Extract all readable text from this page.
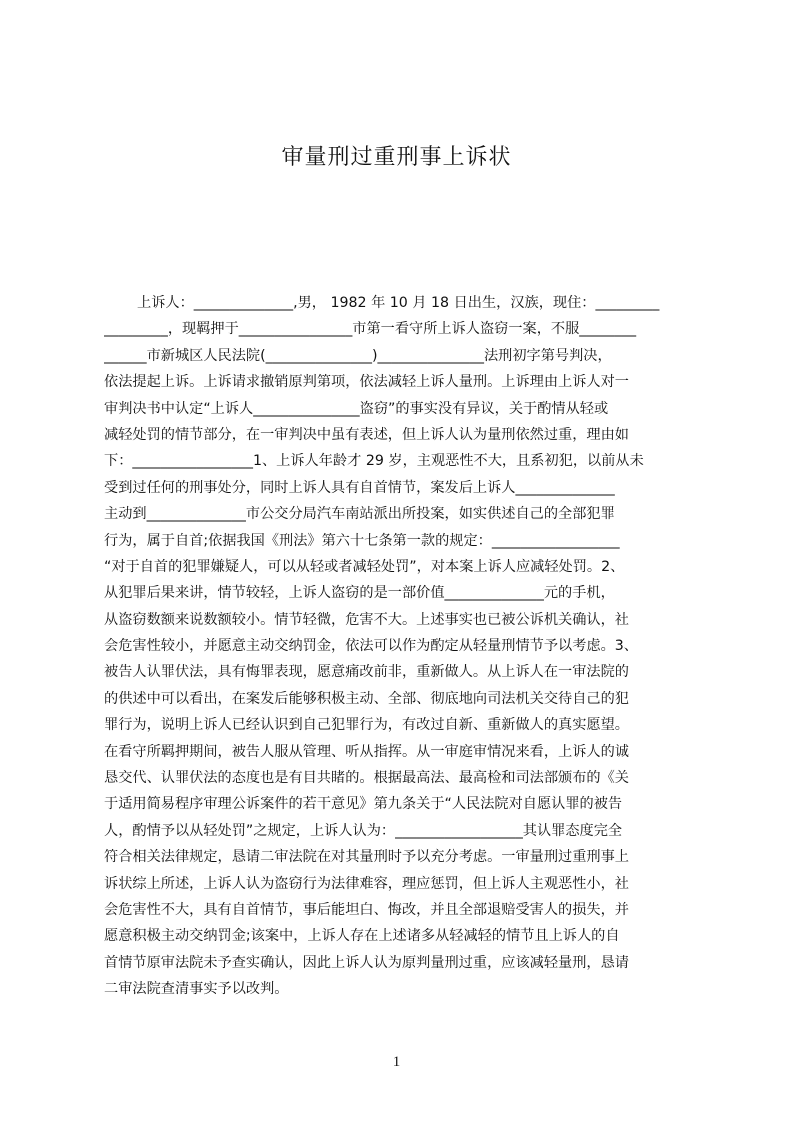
审量刑过重刑事上诉状
上诉人：______________,男， 1982 年 10 月 18 日出生，汉族，现住：_________
_________，现羁押于________________市第一看守所上诉人盗窃一案，不服________
______市新城区人民法院(_______________)_______________法刑初字第号判决，
依法提起上诉。上诉请求撤销原判第项，依法减轻上诉人量刑。上诉理由上诉人对一
审判决书中认定“上诉人_______________盗窃”的事实没有异议，关于酌情从轻或
减轻处罚的情节部分，在一审判决中虽有表述，但上诉人认为量刑依然过重，理由如
下：_________________1、上诉人年龄才 29 岁，主观恶性不大，且系初犯，以前从未
受到过任何的刑事处分，同时上诉人具有自首情节，案发后上诉人______________
主动到______________市公交分局汽车南站派出所投案，如实供述自己的全部犯罪
行为，属于自首;依据我国《刑法》第六十七条第一款的规定：__________________
“对于自首的犯罪嫌疑人，可以从轻或者减轻处罚”，对本案上诉人应减轻处罚。2、
从犯罪后果来讲，情节较轻，上诉人盗窃的是一部价值______________元的手机，
从盗窃数额来说数额较小。情节轻微，危害不大。上述事实也已被公诉机关确认，社
会危害性较小，并愿意主动交纳罚金，依法可以作为酌定从轻量刑情节予以考虑。3、
被告人认罪伏法，具有悔罪表现，愿意痛改前非，重新做人。从上诉人在一审法院的
的供述中可以看出，在案发后能够积极主动、全部、彻底地向司法机关交待自己的犯
罪行为，说明上诉人已经认识到自己犯罪行为，有改过自新、重新做人的真实愿望。
在看守所羁押期间，被告人服从管理、听从指挥。从一审庭审情况来看，上诉人的诚
恳交代、认罪伏法的态度也是有目共睹的。根据最高法、最高检和司法部颁布的《关
于适用简易程序审理公诉案件的若干意见》第九条关于“人民法院对自愿认罪的被告
人，酌情予以从轻处罚”之规定，上诉人认为：__________________其认罪态度完全
符合相关法律规定，恳请二审法院在对其量刑时予以充分考虑。一审量刑过重刑事上
诉状综上所述，上诉人认为盗窃行为法律难容，理应惩罚，但上诉人主观恶性小，社
会危害性不大，具有自首情节，事后能坦白、悔改，并且全部退赔受害人的损失，并
愿意积极主动交纳罚金;该案中，上诉人存在上述诸多从轻减轻的情节且上诉人的自
首情节原审法院未予查实确认，因此上诉人认为原判量刑过重，应该减轻量刑，恳请
二审法院查清事实予以改判。
1
